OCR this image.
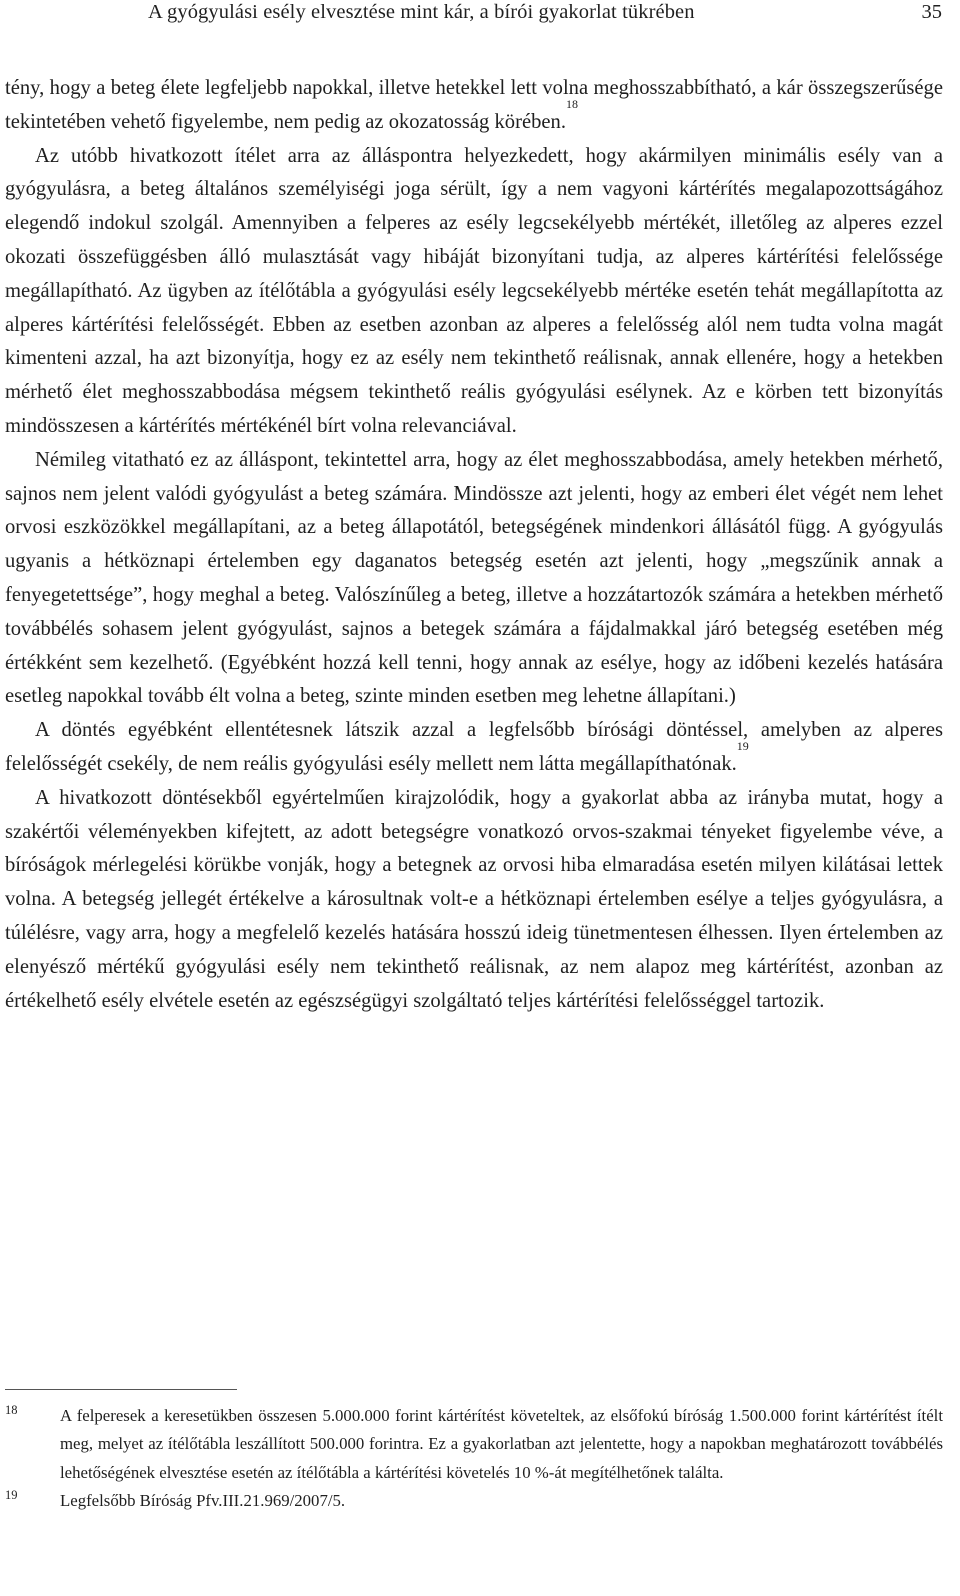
A gyógyulási esély elvesztése mint kár, a bírói gyakorlat tükrében	35

tény, hogy a beteg élete legfeljebb napokkal, illetve hetekkel lett volna meghosszabbítható, a kár összegszerűsége tekintetében vehető figyelembe, nem pedig az okozatosság körében.$^{18}$

Az utóbb hivatkozott ítélet arra az álláspontra helyezkedett, hogy akármilyen minimális esély van a gyógyulásra, a beteg általános személyiségi joga sérült, így a nem vagyoni kártérítés megalapozottságához elegendő indokul szolgál. Amennyiben a felperes az esély legcsekélyebb mértékét, illetőleg az alperes ezzel okozati összefüggésben álló mulasztását vagy hibáját bizonyítani tudja, az alperes kártérítési felelőssége megállapítható. Az ügyben az ítélőtábla a gyógyulási esély legcsekélyebb mértéke esetén tehát megállapította az alperes kártérítési felelősségét. Ebben az esetben azonban az alperes a felelősség alól nem tudta volna magát kimenteni azzal, ha azt bizonyítja, hogy ez az esély nem tekinthető reálisnak, annak ellenére, hogy a hetekben mérhető élet meghosszabbodása mégsem tekinthető reális gyógyulási esélynek. Az e körben tett bizonyítás mindösszesen a kártérítés mértékénél bírt volna relevanciával.

Némileg vitatható ez az álláspont, tekintettel arra, hogy az élet meghosszabbodása, amely hetekben mérhető, sajnos nem jelent valódi gyógyulást a beteg számára. Mindössze azt jelenti, hogy az emberi élet végét nem lehet orvosi eszközökkel megállapítani, az a beteg állapotától, betegségének mindenkori állásától függ. A gyógyulás ugyanis a hétköznapi értelemben egy daganatos betegség esetén azt jelenti, hogy „megszűnik annak a fenyegetettsége”, hogy meghal a beteg. Valószínűleg a beteg, illetve a hozzátartozók számára a hetekben mérhető továbbélés sohasem jelent gyógyulást, sajnos a betegek számára a fájdalmakkal járó betegség esetében még értékként sem kezelhető. (Egyébként hozzá kell tenni, hogy annak az esélye, hogy az időbeni kezelés hatására esetleg napokkal tovább élt volna a beteg, szinte minden esetben meg lehetne állapítani.)

A döntés egyébként ellentétesnek látszik azzal a legfelsőbb bírósági döntéssel, amelyben az alperes felelősségét csekély, de nem reális gyógyulási esély mellett nem látta megállapíthatónak.$^{19}$

A hivatkozott döntésekből egyértelműen kirajzolódik, hogy a gyakorlat abba az irányba mutat, hogy a szakértői véleményekben kifejtett, az adott betegségre vonatkozó orvos-szakmai tényeket figyelembe véve, a bíróságok mérlegelési körükbe vonják, hogy a betegnek az orvosi hiba elmaradása esetén milyen kilátásai lettek volna. A betegség jellegét értékelve a károsultnak volt-e a hétköznapi értelemben esélye a teljes gyógyulásra, a túlélésre, vagy arra, hogy a megfelelő kezelés hatására hosszú ideig tünetmentesen élhessen. Ilyen értelemben az elenyésző mértékű gyógyulási esély nem tekinthető reálisnak, az nem alapoz meg kártérítést, azonban az értékelhető esély elvétele esetén az egészségügyi szolgáltató teljes kártérítési felelősséggel tartozik.

18	A felperesek a keresetükben összesen 5.000.000 forint kártérítést követeltek, az elsőfokú bíróság 1.500.000 forint kártérítést ítélt meg, melyet az ítélőtábla leszállított 500.000 forintra. Ez a gyakorlatban azt jelentette, hogy a napokban meghatározott továbbélés lehetőségének elvesztése esetén az ítélőtábla a kártérítési követelés 10 %-át megítélhetőnek találta.
19	Legfelsőbb Bíróság Pfv.III.21.969/2007/5.
